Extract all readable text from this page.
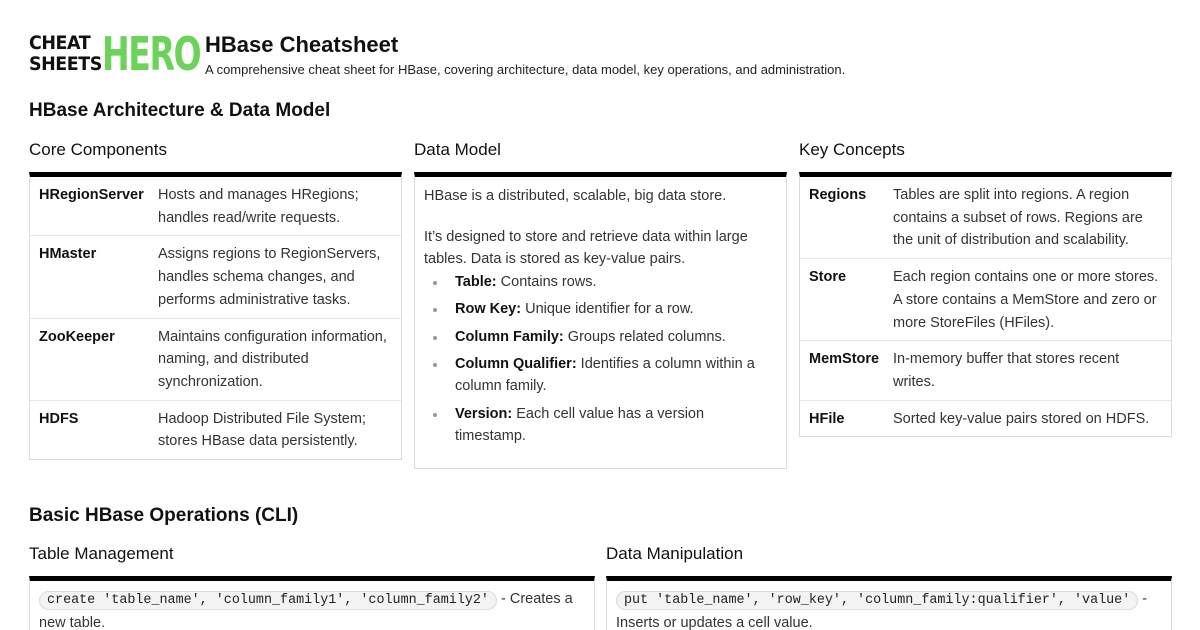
CHEAT
SHEETS HERO HBase Cheatsheet
A comprehensive cheat sheet for HBase, covering architecture, data model, key operations, and administration.
HBase Architecture & Data Model
Core Components
HRegionServer Hosts and manages HRegions; handles read/write requests.
HMaster	Assigns regions to RegionServers, handles schema changes, and performs administrative tasks.
ZooKeeper	Maintains configuration information, naming, and distributed synchronization.
HDFS	Hadoop Distributed File System; stores HBase data persistently.
Data Model

HBase is a distributed, scalable, big data store.

It’s designed to store and retrieve data within large tables. Data is stored as key-value pairs.

Table: Contains rows.
Row Key: Unique identifier for a row.
Column Family: Groups related columns.
Column Qualifier: Identifies a column within a column family.
Version: Each cell value has a version timestamp.
Key Concepts
Regions	Tables are split into regions. A region contains a subset of rows. Regions are the unit of distribution and scalability.
Store	Each region contains one or more stores. A store contains a MemStore and zero or more StoreFiles (HFiles).
MemStore In-memory buffer that stores recent writes.
HFile	Sorted key-value pairs stored on HDFS.
Basic HBase Operations (CLI)
Table Management
create 'table_name', 'column_family1', 'column_family2' - Creates a new table.
Data Manipulation
put 'table_name', 'row_key', 'column_family:qualifier', 'value' - Inserts or updates a cell value.
